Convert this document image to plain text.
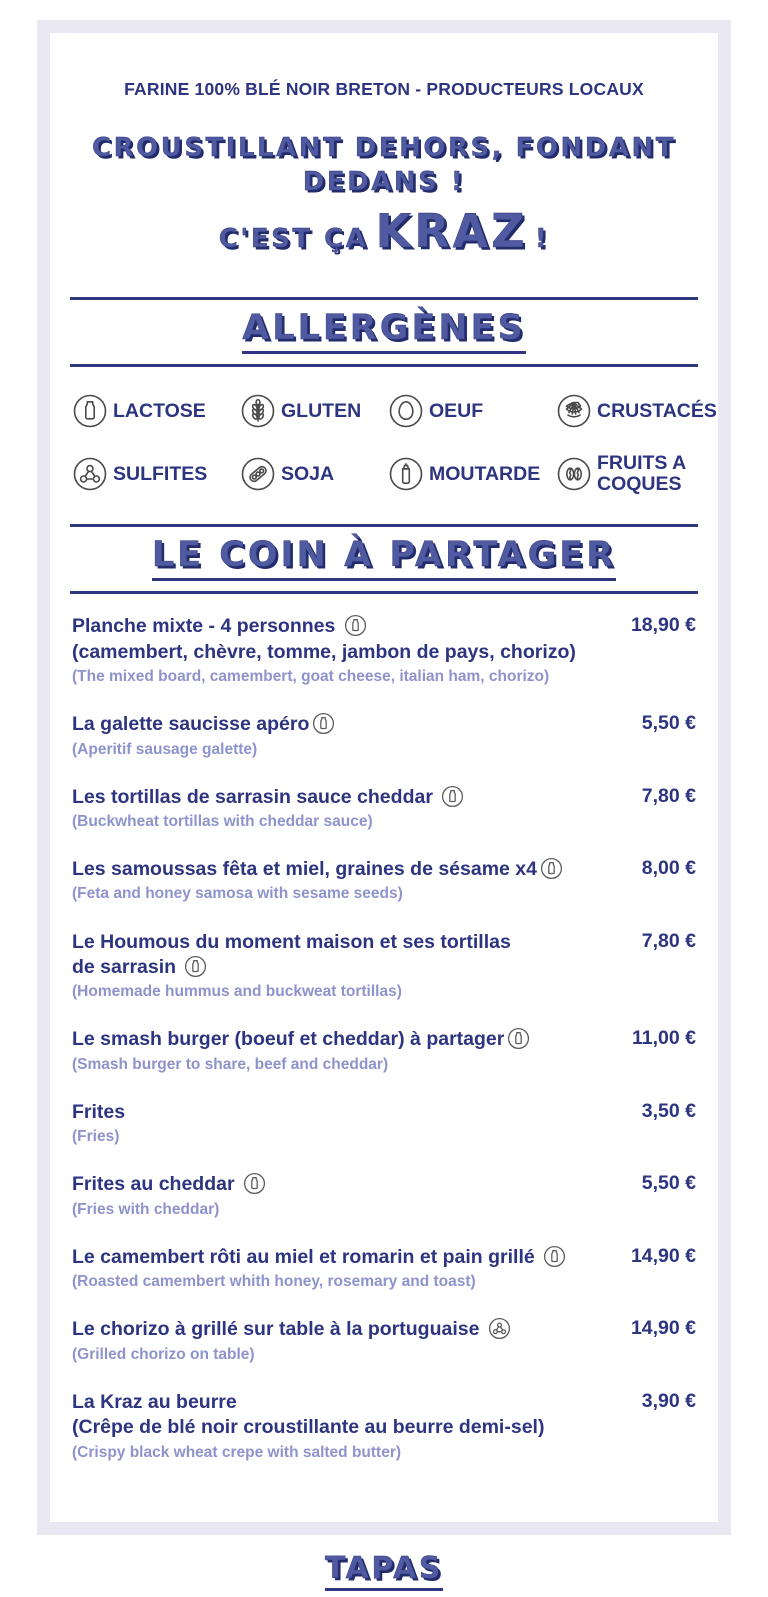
FARINE 100% BLÉ NOIR BRETON - PRODUCTEURS LOCAUX
CROUSTILLANT DEHORS, FONDANT DEDANS !
C'EST ÇA KRAZ !
ALLERGÈNES
LACTOSE	GLUTEN	OEUF	CRUSTACÉS
SULFITES	SOJA	MOUTARDE	FRUITS A COQUES
LE COIN À PARTAGER
Planche mixte - 4 personnes
(camembert, chèvre, tomme, jambon de pays, chorizo)
(The mixed board, camembert, goat cheese, italian ham, chorizo)
18,90 €
La galette saucisse apéro
(Aperitif sausage galette)
5,50 €
Les tortillas de sarrasin sauce cheddar
(Buckwheat tortillas with cheddar sauce)
7,80 €
Les samoussas fêta et miel, graines de sésame x4
(Feta and honey samosa with sesame seeds)
8,00 €
Le Houmous du moment maison et ses tortillas
de sarrasin
(Homemade hummus and buckweat tortillas)
7,80 €
Le smash burger (boeuf et cheddar) à partager
(Smash burger to share, beef and cheddar)
11,00 €
Frites
(Fries)
3,50 €
Frites au cheddar
(Fries with cheddar)
5,50 €
Le camembert rôti au miel et romarin et pain grillé
(Roasted camembert whith honey, rosemary and toast)
14,90 €
Le chorizo à grillé sur table à la portuguaise
(Grilled chorizo on table)
14,90 €
La Kraz au beurre
(Crêpe de blé noir croustillante au beurre demi-sel)
(Crispy black wheat crepe with salted butter)
3,90 €
TAPAS
